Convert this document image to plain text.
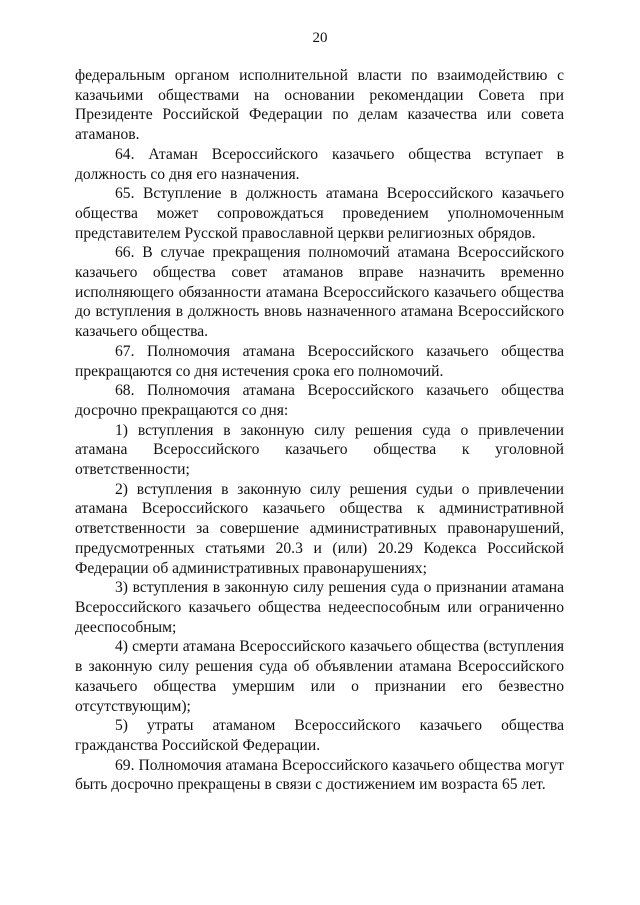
20

федеральным органом исполнительной власти по взаимодействию с казачьими обществами на основании рекомендации Совета при Президенте Российской Федерации по делам казачества или совета атаманов.

64. Атаман Всероссийского казачьего общества вступает в должность со дня его назначения.

65. Вступление в должность атамана Всероссийского казачьего общества может сопровождаться проведением уполномоченным представителем Русской православной церкви религиозных обрядов.

66. В случае прекращения полномочий атамана Всероссийского казачьего общества совет атаманов вправе назначить временно исполняющего обязанности атамана Всероссийского казачьего общества до вступления в должность вновь назначенного атамана Всероссийского казачьего общества.

67. Полномочия атамана Всероссийского казачьего общества прекращаются со дня истечения срока его полномочий.

68. Полномочия атамана Всероссийского казачьего общества досрочно прекращаются со дня:

1) вступления в законную силу решения суда о привлечении атамана Всероссийского казачьего общества к уголовной ответственности;

2) вступления в законную силу решения судьи о привлечении атамана Всероссийского казачьего общества к административной ответственности за совершение административных правонарушений, предусмотренных статьями 20.3 и (или) 20.29 Кодекса Российской Федерации об административных правонарушениях;

3) вступления в законную силу решения суда о признании атамана Всероссийского казачьего общества недееспособным или ограниченно дееспособным;

4) смерти атамана Всероссийского казачьего общества (вступления в законную силу решения суда об объявлении атамана Всероссийского казачьего общества умершим или о признании его безвестно отсутствующим);

5) утраты атаманом Всероссийского казачьего общества гражданства Российской Федерации.

69. Полномочия атамана Всероссийского казачьего общества могут быть досрочно прекращены в связи с достижением им возраста 65 лет.
